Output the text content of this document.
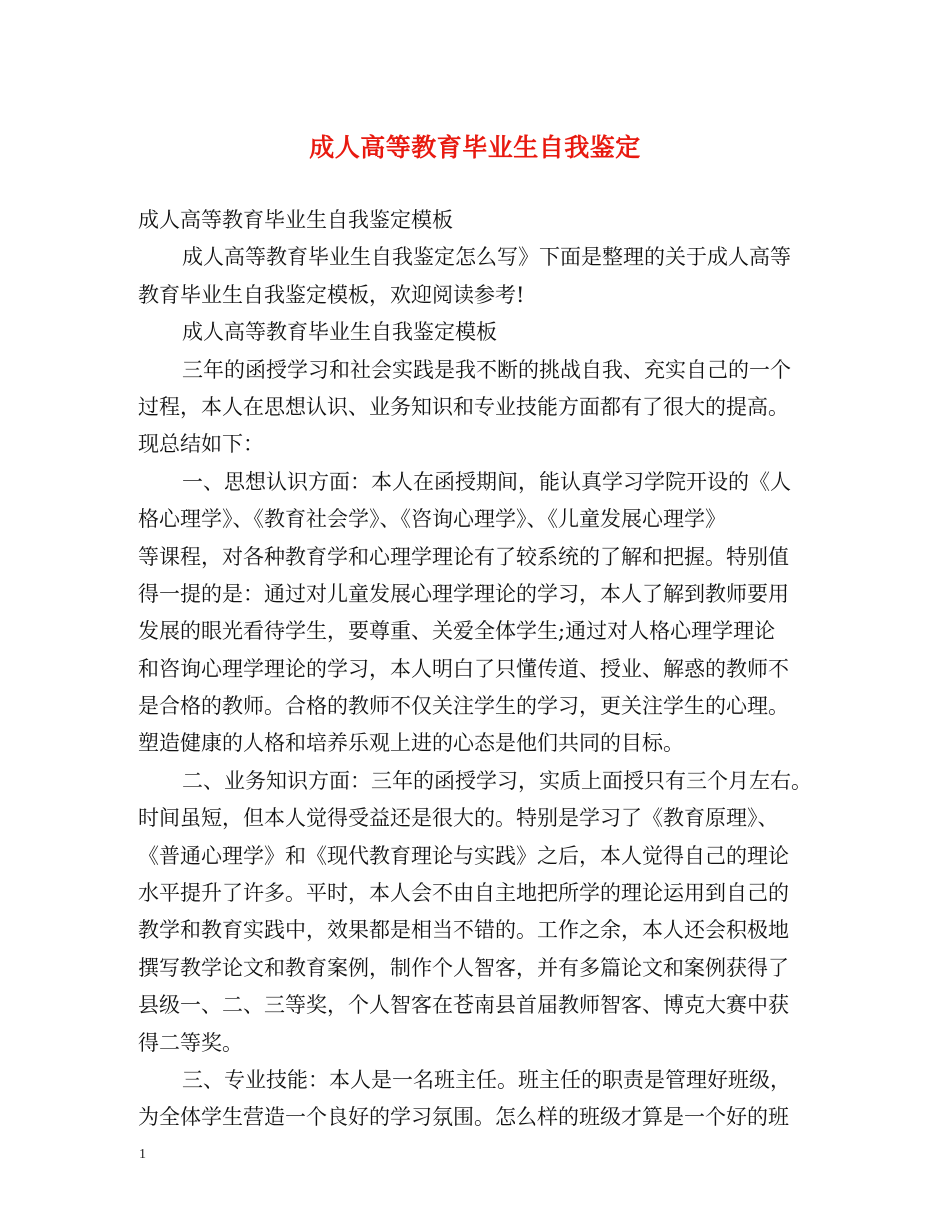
成人高等教育毕业生自我鉴定
成人高等教育毕业生自我鉴定模板
成人高等教育毕业生自我鉴定怎么写》下面是整理的关于成人高等
教育毕业生自我鉴定模板，欢迎阅读参考!
成人高等教育毕业生自我鉴定模板
三年的函授学习和社会实践是我不断的挑战自我、充实自己的一个
过程，本人在思想认识、业务知识和专业技能方面都有了很大的提高。
现总结如下：
一、思想认识方面：本人在函授期间，能认真学习学院开设的《人
格心理学》、《教育社会学》、《咨询心理学》、《儿童发展心理学》
等课程，对各种教育学和心理学理论有了较系统的了解和把握。特别值
得一提的是：通过对儿童发展心理学理论的学习，本人了解到教师要用
发展的眼光看待学生，要尊重、关爱全体学生;通过对人格心理学理论
和咨询心理学理论的学习，本人明白了只懂传道、授业、解惑的教师不
是合格的教师。合格的教师不仅关注学生的学习，更关注学生的心理。
塑造健康的人格和培养乐观上进的心态是他们共同的目标。
二、业务知识方面：三年的函授学习，实质上面授只有三个月左右。
时间虽短，但本人觉得受益还是很大的。特别是学习了《教育原理》、
《普通心理学》和《现代教育理论与实践》之后，本人觉得自己的理论
水平提升了许多。平时，本人会不由自主地把所学的理论运用到自己的
教学和教育实践中，效果都是相当不错的。工作之余，本人还会积极地
撰写教学论文和教育案例，制作个人智客，并有多篇论文和案例获得了
县级一、二、三等奖，个人智客在苍南县首届教师智客、博克大赛中获
得二等奖。
三、专业技能：本人是一名班主任。班主任的职责是管理好班级，
为全体学生营造一个良好的学习氛围。怎么样的班级才算是一个好的班
1
